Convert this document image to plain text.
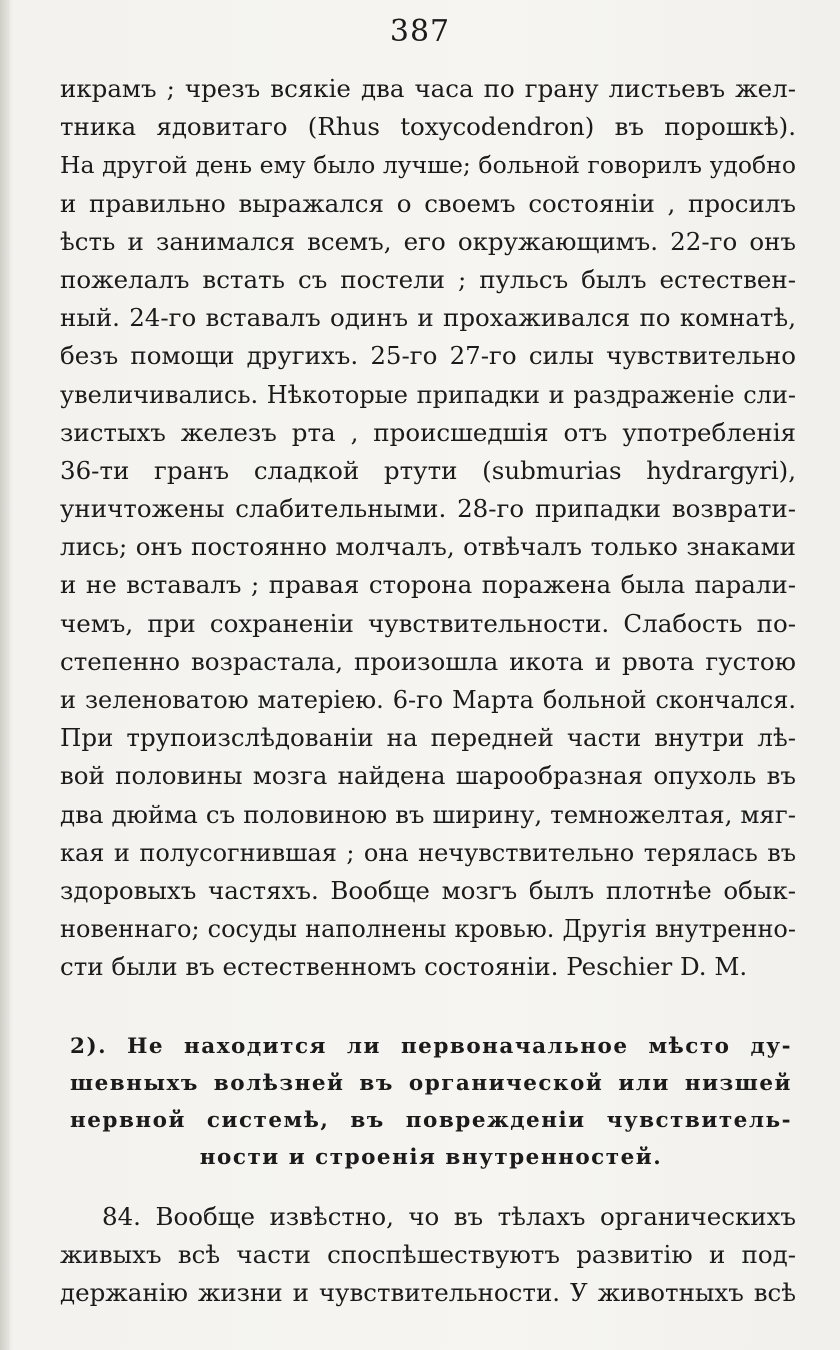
387
икрамъ ; чрезъ всякіе два часа по грану листьевъ жел-
тника ядовитаго (Rhus toxycodendron) въ порошкѣ).
На другой день ему было лучше; больной говорилъ удобно
и правильно выражался о своемъ состояніи , просилъ
ѣсть и занимался всемъ, его окружающимъ. 22-го онъ
пожелалъ встать съ постели ; пульсъ былъ естествен-
ный. 24-го вставалъ одинъ и прохаживался по комнатѣ,
безъ помощи другихъ. 25-го 27-го силы чувствительно
увеличивались. Нѣкоторые припадки и раздраженіе сли-
зистыхъ железъ рта , происшедшія отъ употребленія
36-ти гранъ сладкой ртути (submurias hydrargyri),
уничтожены слабительными. 28-го припадки возврати-
лись; онъ постоянно молчалъ, отвѣчалъ только знаками
и не вставалъ ; правая сторона поражена была парали-
чемъ, при сохраненіи чувствительности. Слабость по-
степенно возрастала, произошла икота и рвота густою
и зеленоватою матеріею. 6-го Марта больной скончался.
При трупоизслѣдованіи на передней части внутри лѣ-
вой половины мозга найдена шарообразная опухоль въ
два дюйма съ половиною въ ширину, темножелтая, мяг-
кая и полусогнившая ; она нечувствительно терялась въ
здоровыхъ частяхъ. Вообще мозгъ былъ плотнѣе обык-
новеннаго; сосуды наполнены кровью. Другія внутренно-
сти были въ естественномъ состояніи. Peschier D. M.
2). Не находится ли первоначальное мѣсто ду-
шевныхъ волѣзней въ органической или низшей
нервной системѣ, въ поврежденіи чувствитель-
ности и строенія внутренностей.
84. Вообще извѣстно, чо въ тѣлахъ органическихъ
живыхъ всѣ части споспѣшествуютъ развитію и под-
держанію жизни и чувствительности. У животныхъ всѣ
